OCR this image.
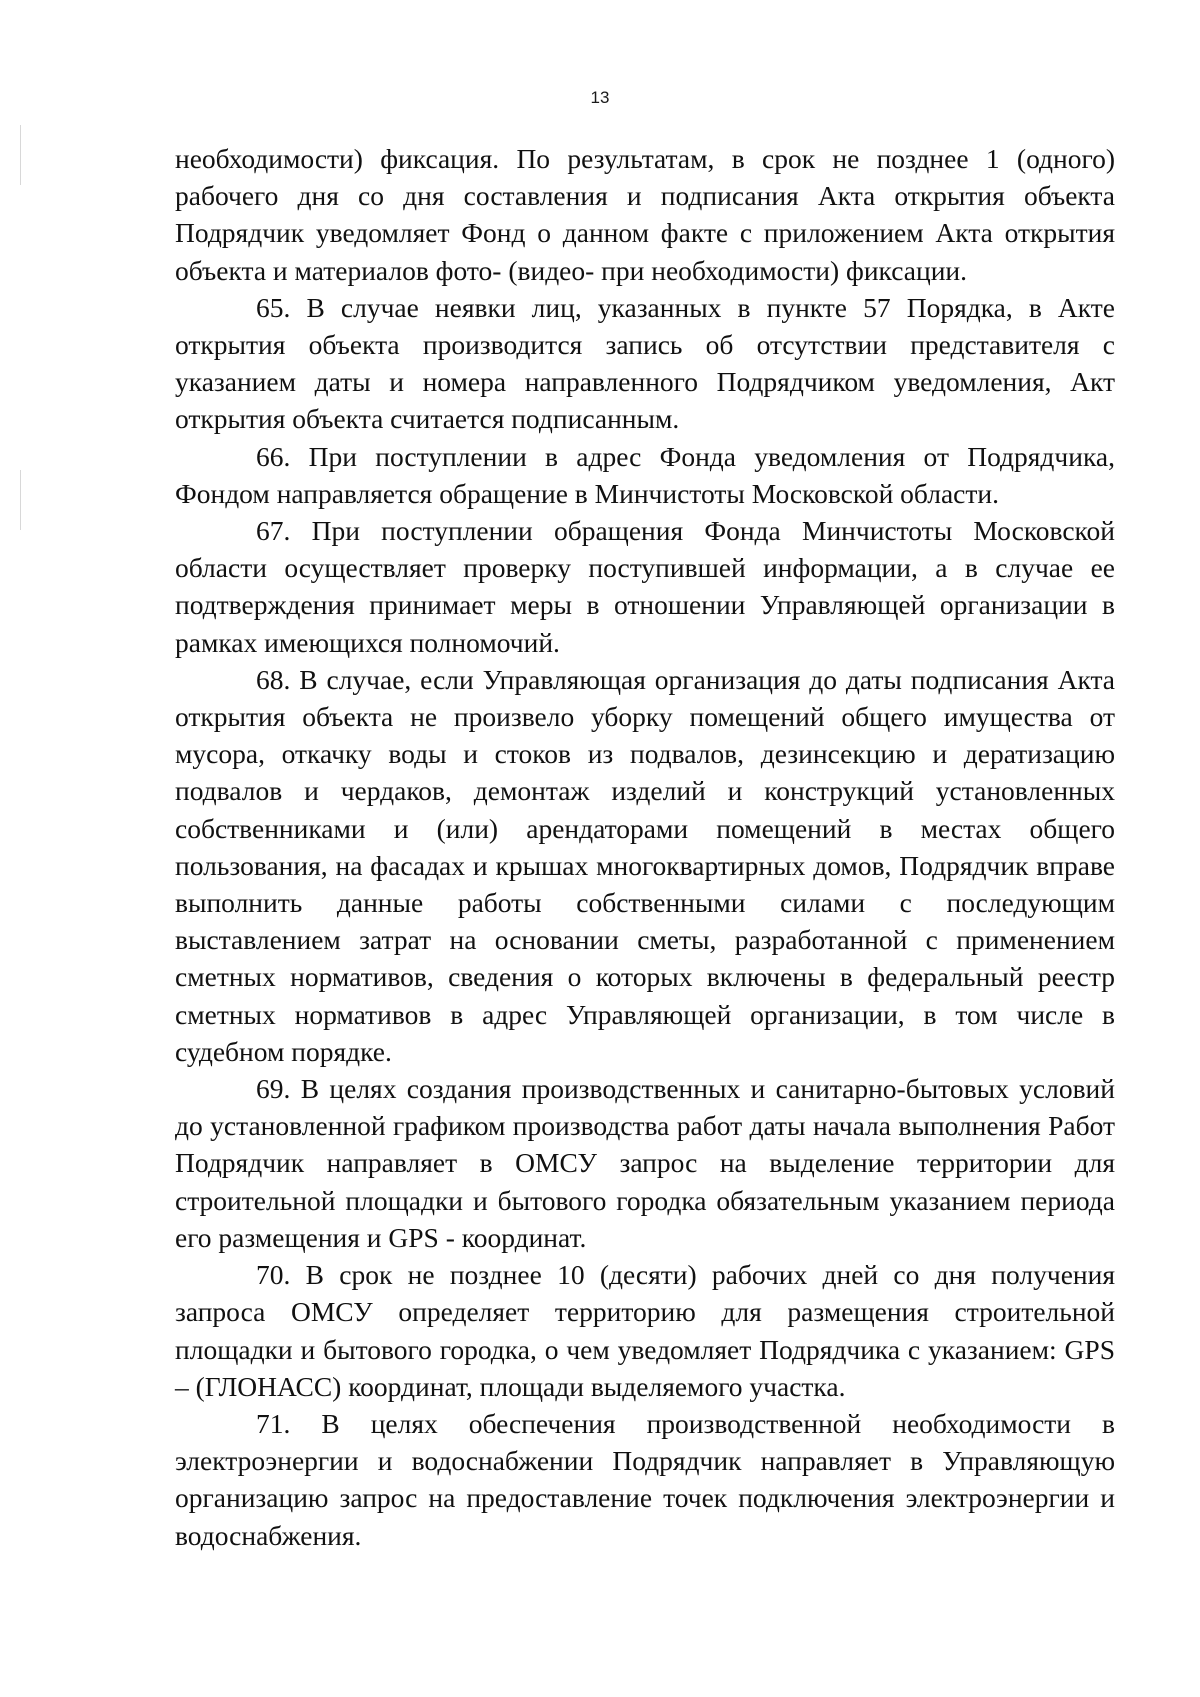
13

необходимости) фиксация. По результатам, в срок не позднее 1 (одного) рабочего дня со дня составления и подписания Акта открытия объекта Подрядчик уведомляет Фонд о данном факте с приложением Акта открытия объекта и материалов фото- (видео- при необходимости) фиксации.

65. В случае неявки лиц, указанных в пункте 57 Порядка, в Акте открытия объекта производится запись об отсутствии представителя с указанием даты и номера направленного Подрядчиком уведомления, Акт открытия объекта считается подписанным.

66. При поступлении в адрес Фонда уведомления от Подрядчика, Фондом направляется обращение в Минчистоты Московской области.

67. При поступлении обращения Фонда Минчистоты Московской области осуществляет проверку поступившей информации, а в случае ее подтверждения принимает меры в отношении Управляющей организации в рамках имеющихся полномочий.

68. В случае, если Управляющая организация до даты подписания Акта открытия объекта не произвело уборку помещений общего имущества от мусора, откачку воды и стоков из подвалов, дезинсекцию и дератизацию подвалов и чердаков, демонтаж изделий и конструкций установленных собственниками и (или) арендаторами помещений в местах общего пользования, на фасадах и крышах многоквартирных домов, Подрядчик вправе выполнить данные работы собственными силами с последующим выставлением затрат на основании сметы, разработанной с применением сметных нормативов, сведения о которых включены в федеральный реестр сметных нормативов в адрес Управляющей организации, в том числе в судебном порядке.

69. В целях создания производственных и санитарно-бытовых условий до установленной графиком производства работ даты начала выполнения Работ Подрядчик направляет в ОМСУ запрос на выделение территории для строительной площадки и бытового городка обязательным указанием периода его размещения и GPS - координат.

70. В срок не позднее 10 (десяти) рабочих дней со дня получения запроса ОМСУ определяет территорию для размещения строительной площадки и бытового городка, о чем уведомляет Подрядчика с указанием: GPS – (ГЛОНАСС) координат, площади выделяемого участка.

71. В целях обеспечения производственной необходимости в электроэнергии и водоснабжении Подрядчик направляет в Управляющую организацию запрос на предоставление точек подключения электроэнергии и водоснабжения.
